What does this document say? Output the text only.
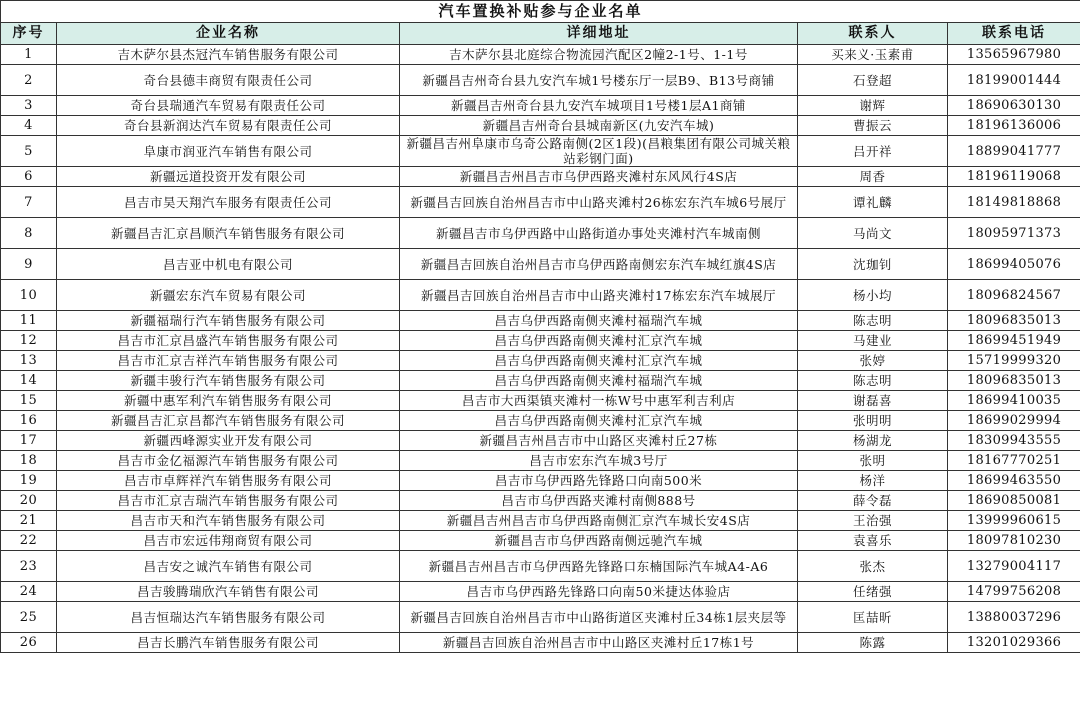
汽车置换补贴参与企业名单				
序号	企业名称	详细地址	联系人	联系电话
1	吉木萨尔县杰冠汽车销售服务有限公司	吉木萨尔县北庭综合物流园汽配区2幢2-1号、1-1号	买来义·玉素甫	13565967980
2	奇台县德丰商贸有限责任公司	新疆昌吉州奇台县九安汽车城1号楼东厅一层B9、B13号商铺	石登超	18199001444
3	奇台县瑞通汽车贸易有限责任公司	新疆昌吉州奇台县九安汽车城项目1号楼1层A1商铺	谢辉	18690630130
4	奇台县新润达汽车贸易有限责任公司	新疆昌吉州奇台县城南新区(九安汽车城)	曹振云	18196136006
5	阜康市润亚汽车销售有限公司	新疆昌吉州阜康市乌奇公路南侧(2区1段)(昌粮集团有限公司城关粮站彩钢门面)	吕开祥	18899041777
6	新疆远道投资开发有限公司	新疆昌吉州昌吉市乌伊西路夹滩村东风风行4S店	周香	18196119068
7	昌吉市昊天翔汽车服务有限责任公司	新疆昌吉回族自治州昌吉市中山路夹滩村26栋宏东汽车城6号展厅	谭礼麟	18149818868
8	新疆昌吉汇京昌顺汽车销售服务有限公司	新疆昌吉市乌伊西路中山路街道办事处夹滩村汽车城南侧	马尚文	18095971373
9	昌吉亚中机电有限公司	新疆昌吉回族自治州昌吉市乌伊西路南侧宏东汽车城红旗4S店	沈珈钊	18699405076
10	新疆宏东汽车贸易有限公司	新疆昌吉回族自治州昌吉市中山路夹滩村17栋宏东汽车城展厅	杨小均	18096824567
11	新疆福瑞行汽车销售服务有限公司	昌吉乌伊西路南侧夹滩村福瑞汽车城	陈志明	18096835013
12	昌吉市汇京昌盛汽车销售服务有限公司	昌吉乌伊西路南侧夹滩村汇京汽车城	马建业	18699451949
13	昌吉市汇京吉祥汽车销售服务有限公司	昌吉乌伊西路南侧夹滩村汇京汽车城	张婷	15719999320
14	新疆丰骏行汽车销售服务有限公司	昌吉乌伊西路南侧夹滩村福瑞汽车城	陈志明	18096835013
15	新疆中惠军利汽车销售服务有限公司	昌吉市大西渠镇夹滩村一栋W号中惠军利吉利店	谢磊喜	18699410035
16	新疆昌吉汇京昌都汽车销售服务有限公司	昌吉乌伊西路南侧夹滩村汇京汽车城	张明明	18699029994
17	新疆西峰源实业开发有限公司	新疆昌吉州昌吉市中山路区夹滩村丘27栋	杨湖龙	18309943555
18	昌吉市金亿福源汽车销售服务有限公司	昌吉市宏东汽车城3号厅	张明	18167770251
19	昌吉市卓辉祥汽车销售服务有限公司	昌吉市乌伊西路先锋路口向南500米	杨洋	18699463550
20	昌吉市汇京吉瑞汽车销售服务有限公司	昌吉市乌伊西路夹滩村南侧888号	薛令磊	18690850081
21	昌吉市天和汽车销售服务有限公司	新疆昌吉州昌吉市乌伊西路南侧汇京汽车城长安4S店	王治强	13999960615
22	昌吉市宏远伟翔商贸有限公司	新疆昌吉市乌伊西路南侧远驰汽车城	袁喜乐	18097810230
23	昌吉安之诚汽车销售有限公司	新疆昌吉州昌吉市乌伊西路先锋路口东楠国际汽车城A4-A6	张杰	13279004117
24	昌吉骏腾瑞欣汽车销售有限公司	昌吉市乌伊西路先锋路口向南50米捷达体验店	任绪强	14799756208
25	昌吉恒瑞达汽车销售服务有限公司	新疆昌吉回族自治州昌吉市中山路街道区夹滩村丘34栋1层夹层等	匡喆昕	13880037296
26	昌吉长鹏汽车销售服务有限公司	新疆昌吉回族自治州昌吉市中山路区夹滩村丘17栋1号	陈露	13201029366
